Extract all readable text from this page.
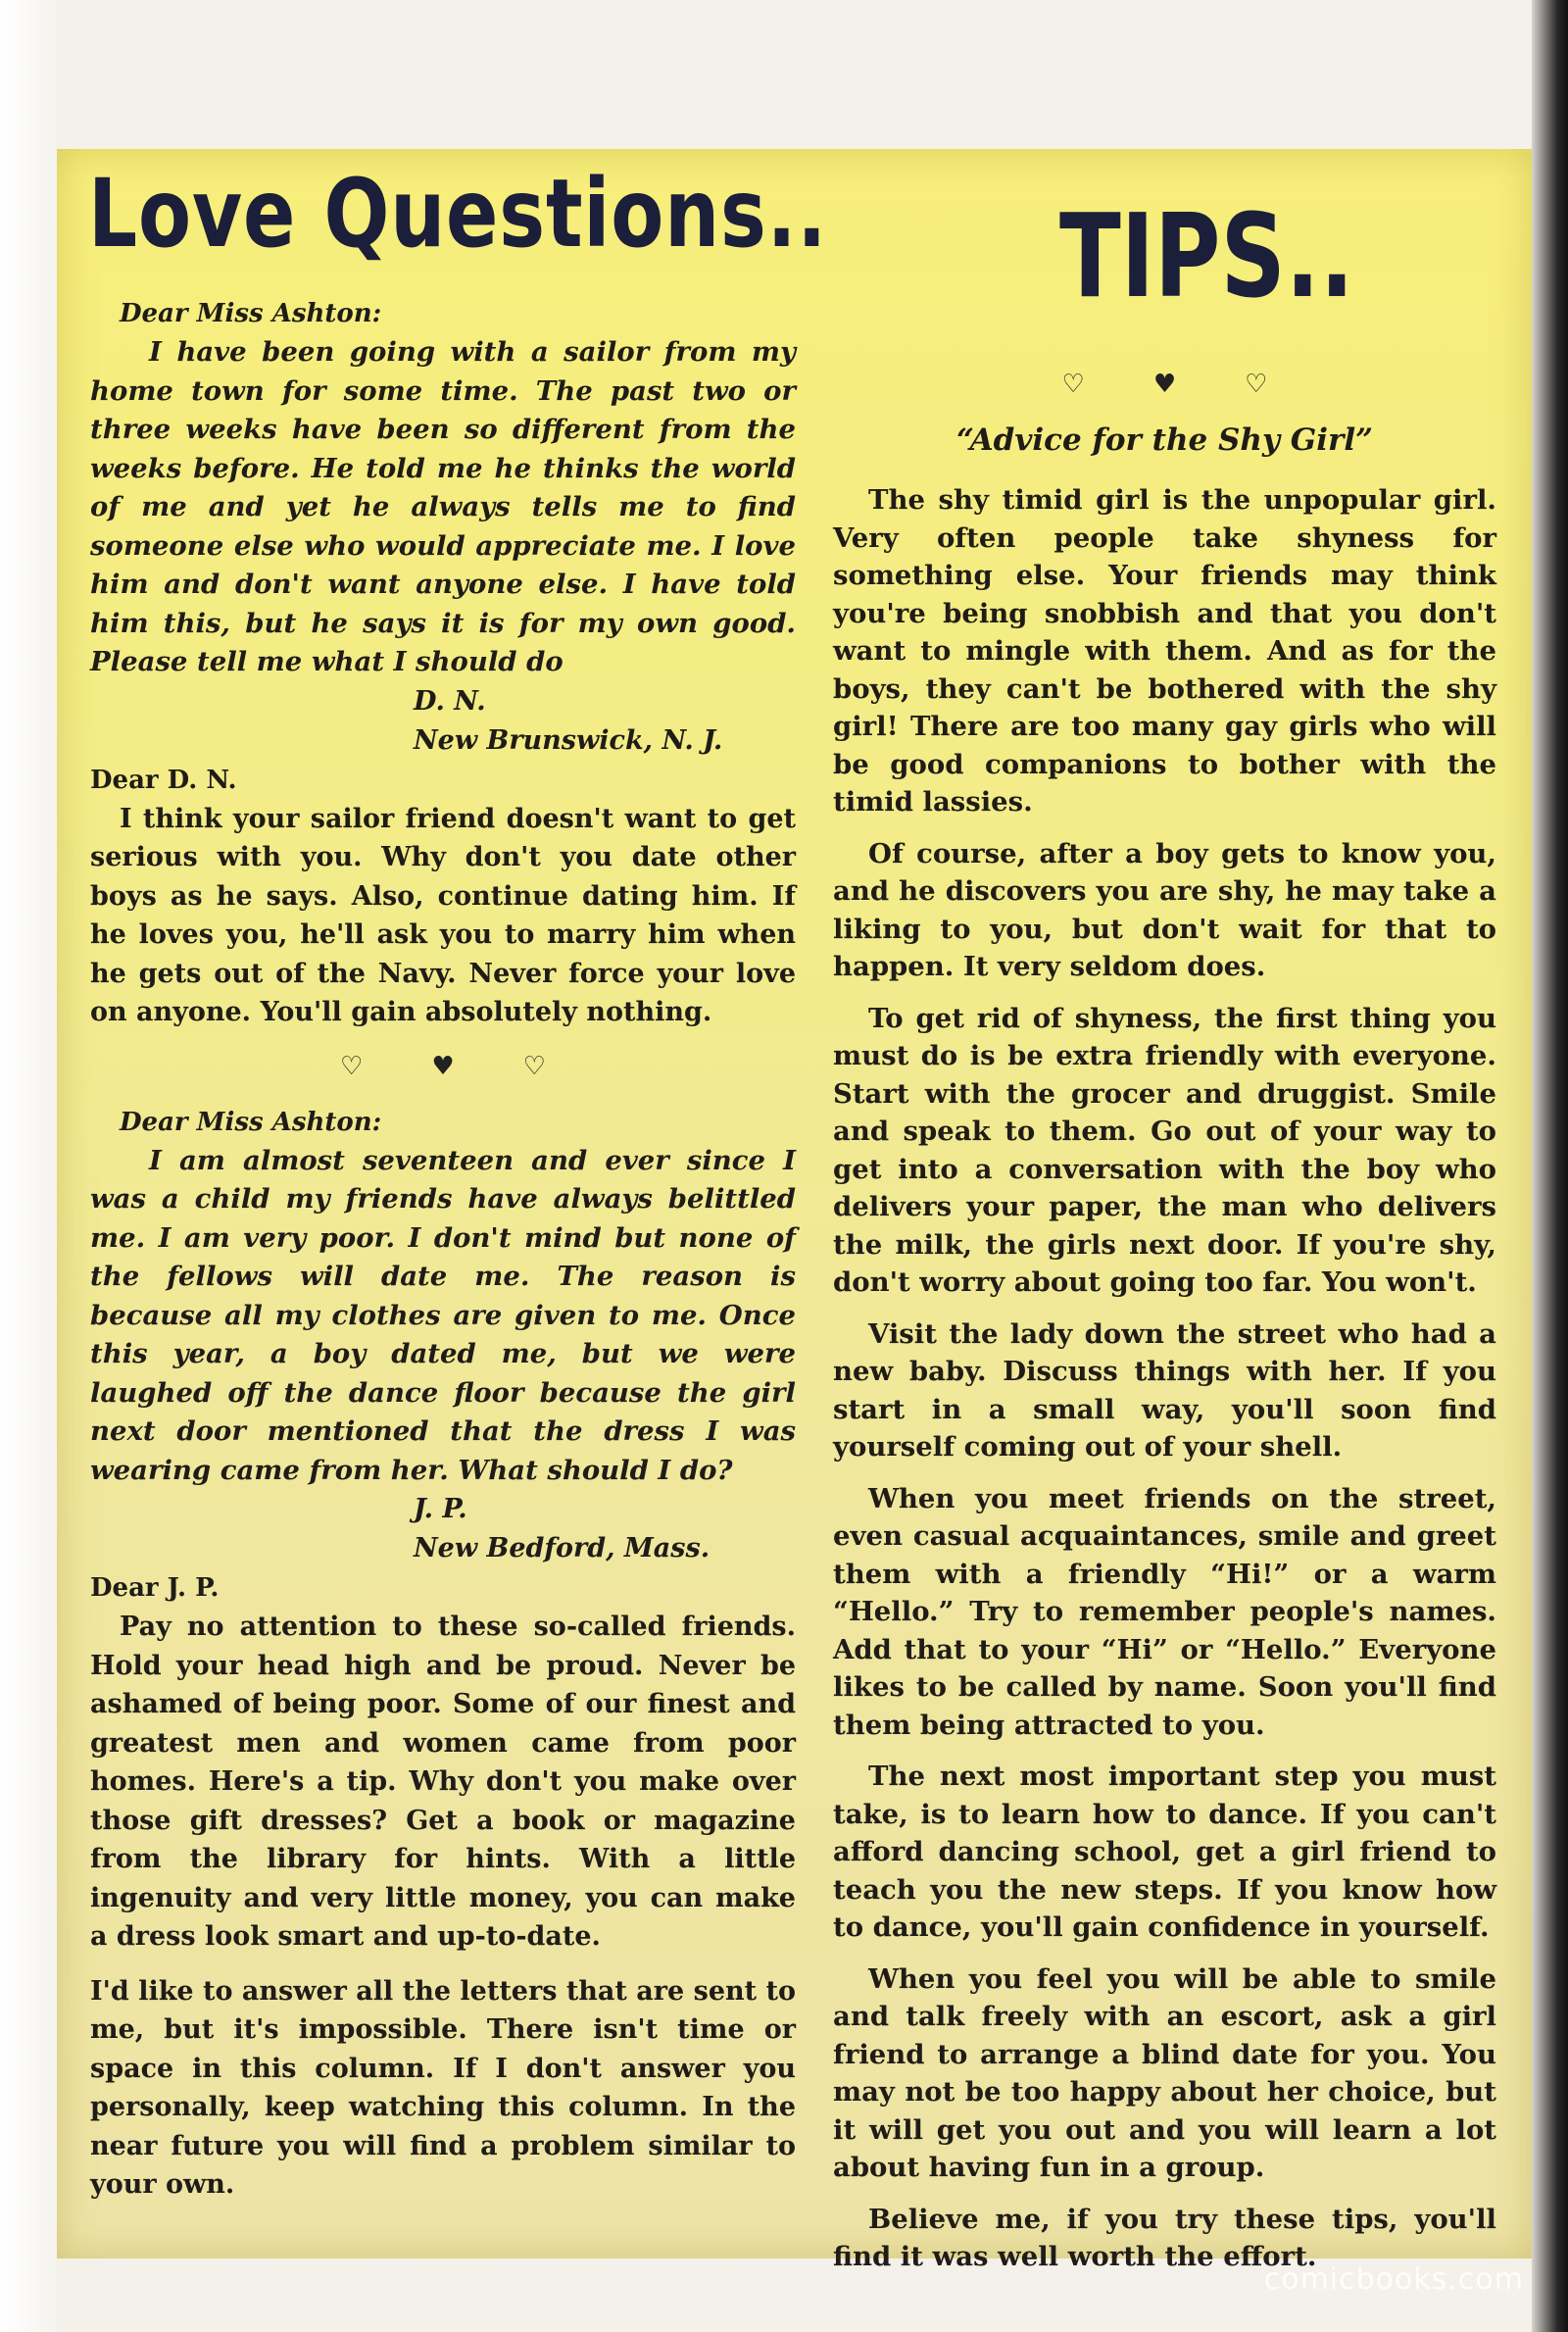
Love Questions.. TIPS..

Dear Miss Ashton:

I have been going with a sailor from my home town for some time. The past two or three weeks have been so different from the weeks before. He told me he thinks the world of me and yet he always tells me to find someone else who would appreciate me. I love him and don't want anyone else. I have told him this, but he says it is for my own good. Please tell me what I should do

D. N.

New Brunswick, N. J.

Dear D. N.

I think your sailor friend doesn't want to get serious with you. Why don't you date other boys as he says. Also, continue dating him. If he loves you, he'll ask you to marry him when he gets out of the Navy. Never force your love on anyone. You'll gain absolutely nothing.

♡	♥	♡

Dear Miss Ashton:

I am almost seventeen and ever since I was a child my friends have always belittled me. I am very poor. I don't mind but none of the fellows will date me. The reason is because all my clothes are given to me. Once this year, a boy dated me, but we were laughed off the dance floor because the girl next door mentioned that the dress I was wearing came from her. What should I do?

J. P.

New Bedford, Mass.

Dear J. P.

Pay no attention to these so-called friends. Hold your head high and be proud. Never be ashamed of being poor. Some of our finest and greatest men and women came from poor homes. Here's a tip. Why don't you make over those gift dresses? Get a book or magazine from the library for hints. With a little ingenuity and very little money, you can make a dress look smart and up-to-date.

I'd like to answer all the letters that are sent to me, but it's impossible. There isn't time or space in this column. If I don't answer you personally, keep watching this column. In the near future you will find a problem similar to your own.

♡	♥	♡

“Advice for the Shy Girl”

The shy timid girl is the unpopular girl. Very often people take shyness for something else. Your friends may think you're being snobbish and that you don't want to mingle with them. And as for the boys, they can't be bothered with the shy girl! There are too many gay girls who will be good companions to bother with the timid lassies.

Of course, after a boy gets to know you, and he discovers you are shy, he may take a liking to you, but don't wait for that to happen. It very seldom does.

To get rid of shyness, the first thing you must do is be extra friendly with everyone. Start with the grocer and druggist. Smile and speak to them. Go out of your way to get into a conversation with the boy who delivers your paper, the man who delivers the milk, the girls next door. If you're shy, don't worry about going too far. You won't.

Visit the lady down the street who had a new baby. Discuss things with her. If you start in a small way, you'll soon find yourself coming out of your shell.

When you meet friends on the street, even casual acquaintances, smile and greet them with a friendly “Hi!” or a warm “Hello.” Try to remember people's names. Add that to your “Hi” or “Hello.” Everyone likes to be called by name. Soon you'll find them being attracted to you.

The next most important step you must take, is to learn how to dance. If you can't afford dancing school, get a girl friend to teach you the new steps. If you know how to dance, you'll gain confidence in yourself.

When you feel you will be able to smile and talk freely with an escort, ask a girl friend to arrange a blind date for you. You may not be too happy about her choice, but it will get you out and you will learn a lot about having fun in a group.

Believe me, if you try these tips, you'll find it was well worth the effort.

comicbooks.com
